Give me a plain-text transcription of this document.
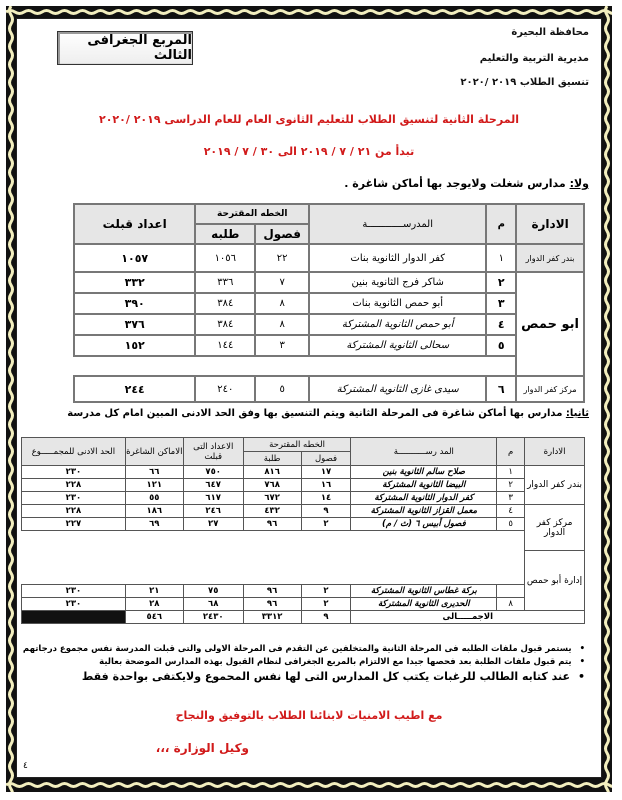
محافظة البحيرة
مديرية التربية والتعليم
تنسيق الطلاب ٢٠١٩ /٢٠٢٠
المربع الجغرافى الثالث
المرحلة الثانية لتنسيق الطلاب للتعليم الثانوى العام للعام الدراسى ٢٠١٩ /٢٠٢٠
تبدأ من ٢١ / ٧ / ٢٠١٩ الى ٣٠ / ٧ / ٢٠١٩
ولا: مدارس شغلت ولايوجد بها أماكن شاغرة .
الادارة	م	المدرســــــــــــة	الخطه المقترحة		اعداد قبلت
			فصول	طلبه	
بندر كفر الدوار	١	كفر الدوار الثانوية بنات	٢٢	١٠٥٦	١٠٥٧
ابو حمص	٢	شاكر فرج الثانوية بنين	٧	٣٣٦	٣٣٢
	٣	أبو حمص الثانوية بنات	٨	٣٨٤	٣٩٠
	٤	أبو حمص الثانوية المشتركة	٨	٣٨٤	٣٧٦
	٥	سحالى الثانوية المشتركة	٣	١٤٤	١٥٢

مركز كفر الدوار	٦	سيدى غازى الثانوية المشتركة	٥	٢٤٠	٢٤٤
ثانيا: مدارس بها أماكن شاغرة فى المرحلة الثانية ويتم التنسيق بها وفق الحد الادنى المبين امام كل مدرسة
الادارة	م	المد رســـــــــــة	الخطه المقترحة		الاعداد التى قبلت	الاماكن الشاغرة	الحد الادنى للمجمـــــوع
			فصول	طلبة			
بندر كفر الدوار	١	صلاح سالم الثانوية بنين	١٧	٨١٦	٧٥٠	٦٦	٢٣٠
	٢	البيضا الثانوية المشتركة	١٦	٧٦٨	٦٤٧	١٢١	٢٢٨
	٣	كفر الدوار الثانوية المشتركة	١٤	٦٧٢	٦١٧	٥٥	٢٣٠
مركز كفر الدوار	٤	معمل القزاز الثانوية المشتركة	٩	٤٣٢	٢٤٦	١٨٦	٢٢٨
	٥	فصول أبيس ٦ (ث / م)	٢	٩٦	٢٧	٦٩	٢٢٧

إدارة أبو حمص							
		بركة غطاس الثانوية المشتركة	٢	٩٦	٧٥	٢١	٢٣٠
	٨	الحديرى الثانوية المشتركة	٢	٩٦	٦٨	٢٨	٢٣٠
الاجمـــــالى			٩	٣٣١٢	٢٤٣٠	٥٤٦	
• يستمر قبول ملفات الطلبه فى المرحلة الثانية والمتخلفين عن التقدم فى المرحلة الاولى والتى قبلت المدرسة نفس مجموع درجاتهم
• يتم قبول ملفات الطلبة بعد فحصها جيدا مع الالتزام بالمربع الجغرافى لنظام القبول بهذه المدارس الموضحة بعالية
• عند كتابه الطالب للرغبات يكتب كل المدارس التى لها نفس المحموع ولايكتفى بواحدة فقط
مع اطيب الامنيات لابنائنا الطلاب بالتوفيق والنجاح
وكيل الوزارة ،،،
٤
